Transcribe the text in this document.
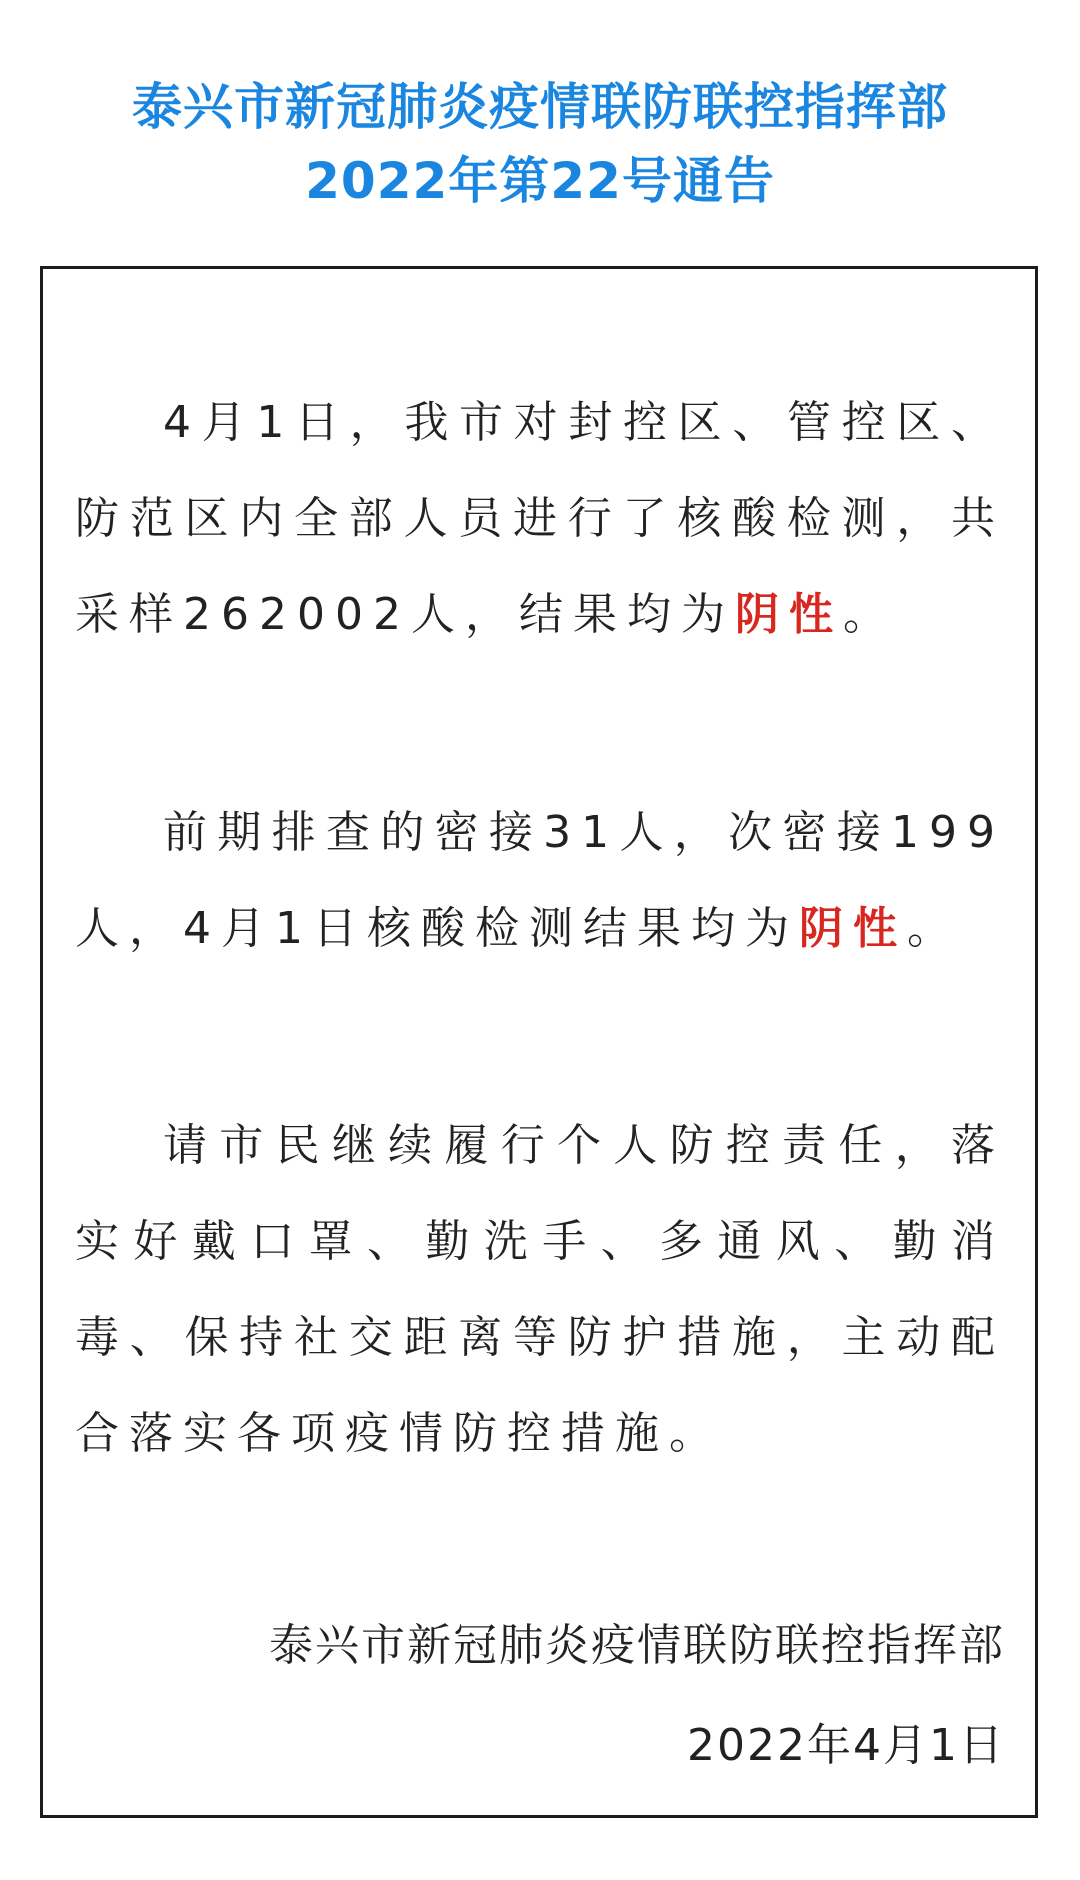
泰兴市新冠肺炎疫情联防联控指挥部
2022年第22号通告

4月1日，我市对封控区、管控区、防范区内全部人员进行了核酸检测，共采样262002人，结果均为阴性。

前期排查的密接31人，次密接199人，4月1日核酸检测结果均为阴性。

请市民继续履行个人防控责任，落实好戴口罩、勤洗手、多通风、勤消毒、保持社交距离等防护措施，主动配合落实各项疫情防控措施。

泰兴市新冠肺炎疫情联防联控指挥部
2022年4月1日
